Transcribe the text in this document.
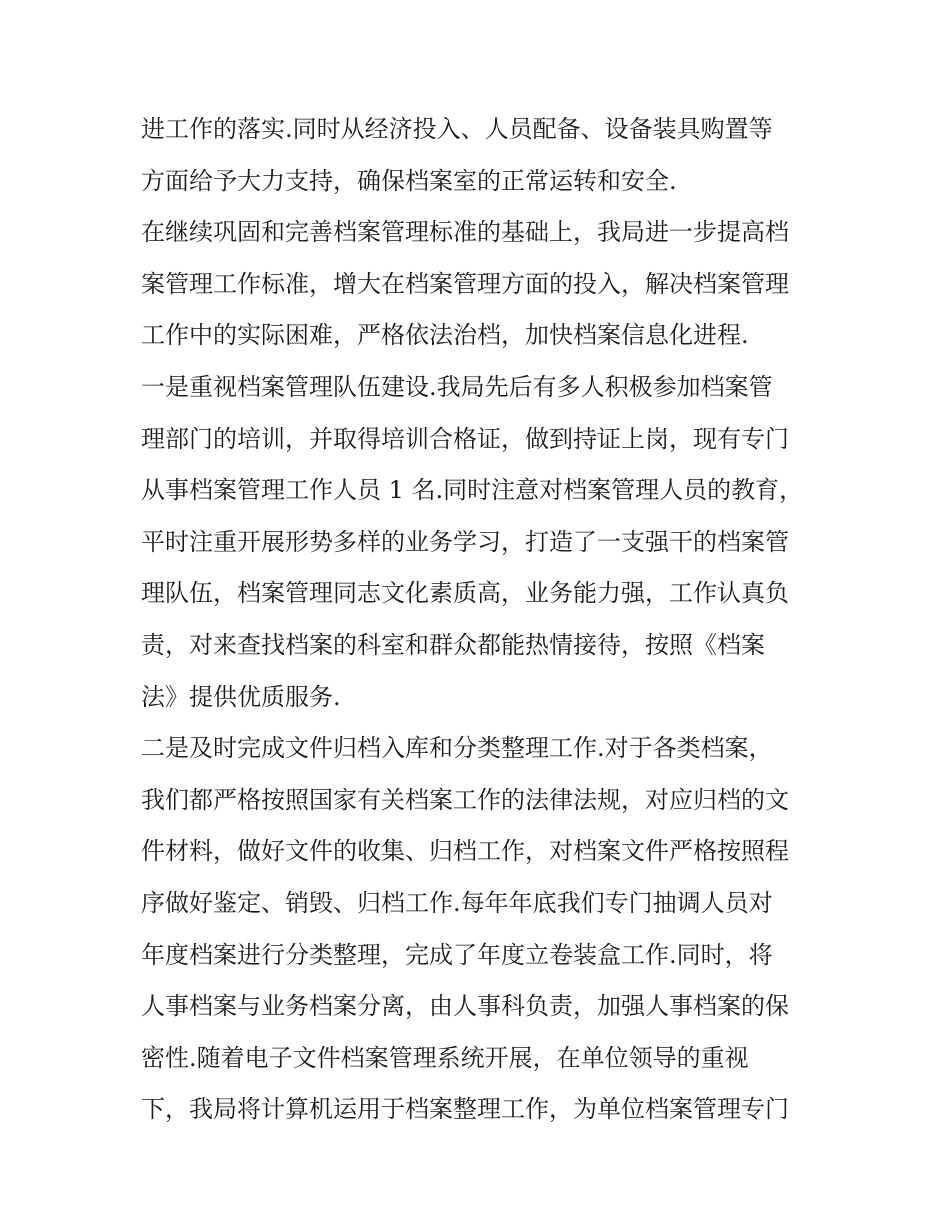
进工作的落实.同时从经济投入、人员配备、设备装具购置等
方面给予大力支持，确保档案室的正常运转和安全.
在继续巩固和完善档案管理标准的基础上，我局进一步提高档
案管理工作标准，增大在档案管理方面的投入，解决档案管理
工作中的实际困难，严格依法治档，加快档案信息化进程.
一是重视档案管理队伍建设.我局先后有多人积极参加档案管
理部门的培训，并取得培训合格证，做到持证上岗，现有专门
从事档案管理工作人员 1 名.同时注意对档案管理人员的教育，
平时注重开展形势多样的业务学习，打造了一支强干的档案管
理队伍，档案管理同志文化素质高，业务能力强，工作认真负
责，对来查找档案的科室和群众都能热情接待，按照《档案
法》提供优质服务.
二是及时完成文件归档入库和分类整理工作.对于各类档案，
我们都严格按照国家有关档案工作的法律法规，对应归档的文
件材料，做好文件的收集、归档工作，对档案文件严格按照程
序做好鉴定、销毁、归档工作.每年年底我们专门抽调人员对
年度档案进行分类整理，完成了年度立卷装盒工作.同时，将
人事档案与业务档案分离，由人事科负责，加强人事档案的保
密性.随着电子文件档案管理系统开展，在单位领导的重视
下，我局将计算机运用于档案整理工作，为单位档案管理专门
